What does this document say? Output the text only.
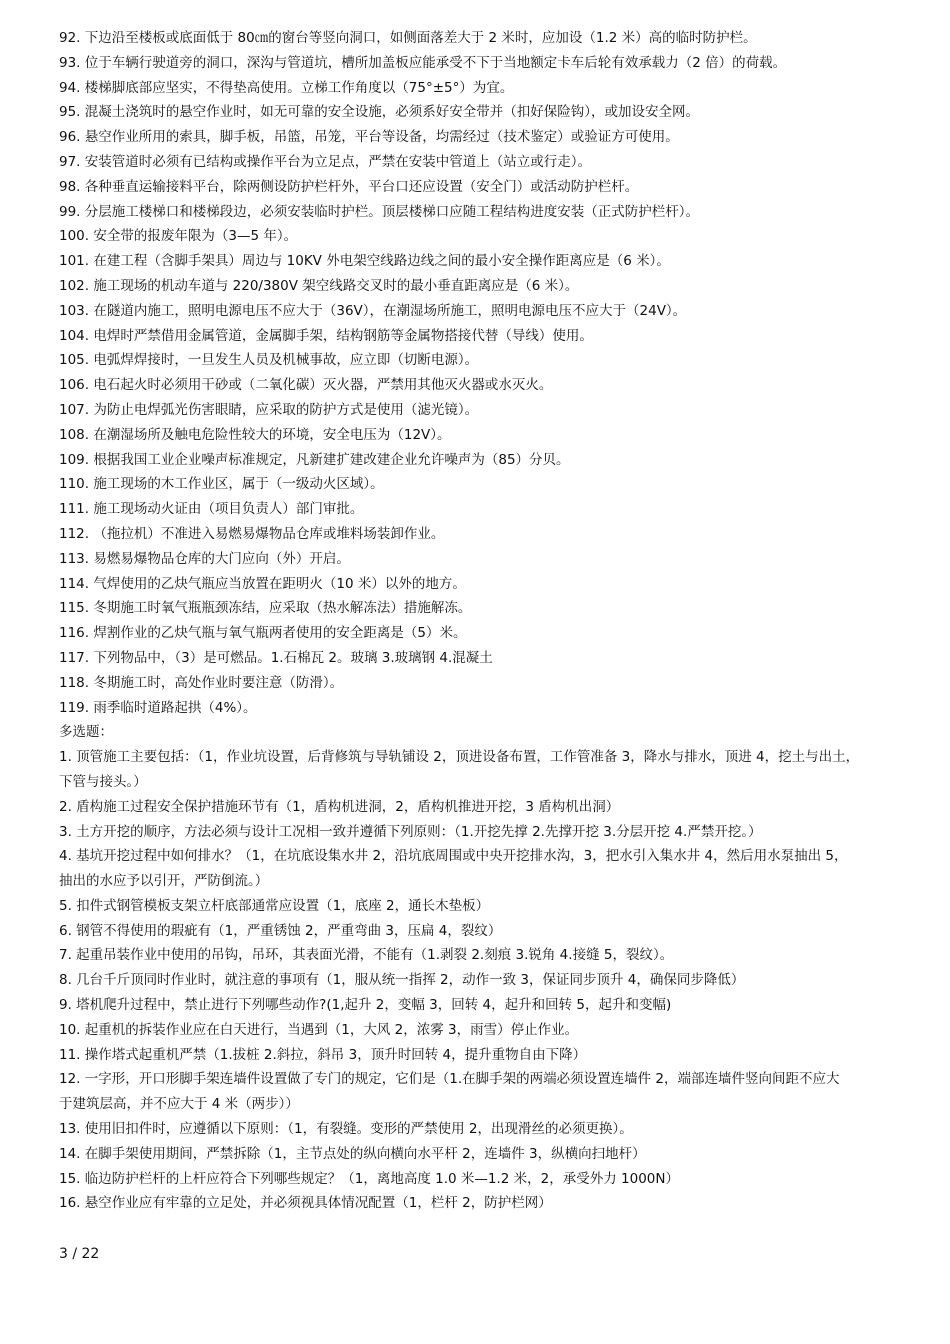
92. 下边沿至楼板或底面低于 80㎝的窗台等竖向洞口，如侧面落差大于 2 米时，应加设（1.2 米）高的临时防护栏。
93. 位于车辆行驶道旁的洞口，深沟与管道坑，槽所加盖板应能承受不下于当地额定卡车后轮有效承载力（2 倍）的荷载。
94. 楼梯脚底部应坚实，不得垫高使用。立梯工作角度以（75°±5°）为宜。
95. 混凝土浇筑时的悬空作业时，如无可靠的安全设施，必须系好安全带并（扣好保险钩），或加设安全网。
96. 悬空作业所用的索具，脚手板，吊篮，吊笼，平台等设备，均需经过（技术鉴定）或验证方可使用。
97. 安装管道时必须有已结构或操作平台为立足点，严禁在安装中管道上（站立或行走）。
98. 各种垂直运输接料平台，除两侧设防护栏杆外，平台口还应设置（安全门）或活动防护栏杆。
99. 分层施工楼梯口和楼梯段边，必须安装临时护栏。顶层楼梯口应随工程结构进度安装（正式防护栏杆）。
100. 安全带的报废年限为（3—5 年）。
101. 在建工程（含脚手架具）周边与 10KV 外电架空线路边线之间的最小安全操作距离应是（6 米）。
102. 施工现场的机动车道与 220/380V 架空线路交叉时的最小垂直距离应是（6 米）。
103. 在隧道内施工，照明电源电压不应大于（36V），在潮湿场所施工，照明电源电压不应大于（24V）。
104. 电焊时严禁借用金属管道，金属脚手架，结构钢筋等金属物搭接代替（导线）使用。
105. 电弧焊焊接时，一旦发生人员及机械事故，应立即（切断电源）。
106. 电石起火时必须用干砂或（二氧化碳）灭火器，严禁用其他灭火器或水灭火。
107. 为防止电焊弧光伤害眼睛，应采取的防护方式是使用（滤光镜）。
108. 在潮湿场所及触电危险性较大的环境，安全电压为（12V）。
109. 根据我国工业企业噪声标准规定，凡新建扩建改建企业允许噪声为（85）分贝。
110. 施工现场的木工作业区，属于（一级动火区域）。
111. 施工现场动火证由（项目负责人）部门审批。
112. （拖拉机）不准进入易燃易爆物品仓库或堆料场装卸作业。
113. 易燃易爆物品仓库的大门应向（外）开启。
114. 气焊使用的乙炔气瓶应当放置在距明火（10 米）以外的地方。
115. 冬期施工时氧气瓶瓶颈冻结，应采取（热水解冻法）措施解冻。
116. 焊割作业的乙炔气瓶与氧气瓶两者使用的安全距离是（5）米。
117. 下列物品中，（3）是可燃品。1.石棉瓦 2。玻璃 3.玻璃钢 4.混凝土
118. 冬期施工时，高处作业时要注意（防滑）。
119. 雨季临时道路起拱（4%）。
多选题：
1. 顶管施工主要包括：（1，作业坑设置，后背修筑与导轨铺设 2，顶进设备布置，工作管准备 3，降水与排水，顶进 4，挖土与出土，
下管与接头。）
2. 盾构施工过程安全保护措施环节有（1，盾构机进洞，2，盾构机推进开挖，3 盾构机出洞）
3. 土方开挖的顺序，方法必须与设计工况相一致并遵循下列原则：（1.开挖先撑 2.先撑开挖 3.分层开挖 4.严禁开挖。）
4. 基坑开挖过程中如何排水？（1，在坑底设集水井 2，沿坑底周围或中央开挖排水沟，3，把水引入集水井 4，然后用水泵抽出 5，
抽出的水应予以引开，严防倒流。）
5. 扣件式钢管模板支架立杆底部通常应设置（1，底座 2，通长木垫板）
6. 钢管不得使用的瑕疵有（1，严重锈蚀 2，严重弯曲 3，压扁 4，裂纹）
7. 起重吊装作业中使用的吊钩，吊环，其表面光滑，不能有（1.剥裂 2.刻痕 3.锐角 4.接缝 5，裂纹）。
8. 几台千斤顶同时作业时，就注意的事项有（1，服从统一指挥 2，动作一致 3，保证同步顶升 4，确保同步降低）
9. 塔机爬升过程中，禁止进行下列哪些动作?(1,起升 2，变幅 3，回转 4，起升和回转 5，起升和变幅)
10. 起重机的拆装作业应在白天进行，当遇到（1，大风 2，浓雾 3，雨雪）停止作业。
11. 操作塔式起重机严禁（1.拔桩 2.斜拉，斜吊 3，顶升时回转 4，提升重物自由下降）
12. 一字形，开口形脚手架连墙件设置做了专门的规定，它们是（1.在脚手架的两端必须设置连墙件 2，端部连墙件竖向间距不应大
于建筑层高，并不应大于 4 米（两步））
13. 使用旧扣件时，应遵循以下原则：（1，有裂缝。变形的严禁使用 2，出现滑丝的必须更换）。
14. 在脚手架使用期间，严禁拆除（1，主节点处的纵向横向水平杆 2，连墙件 3，纵横向扫地杆）
15. 临边防护栏杆的上杆应符合下列哪些规定？（1，离地高度 1.0 米—1.2 米，2，承受外力 1000N）
16. 悬空作业应有牢靠的立足处，并必须视具体情况配置（1，栏杆 2，防护栏网）
3 / 22
